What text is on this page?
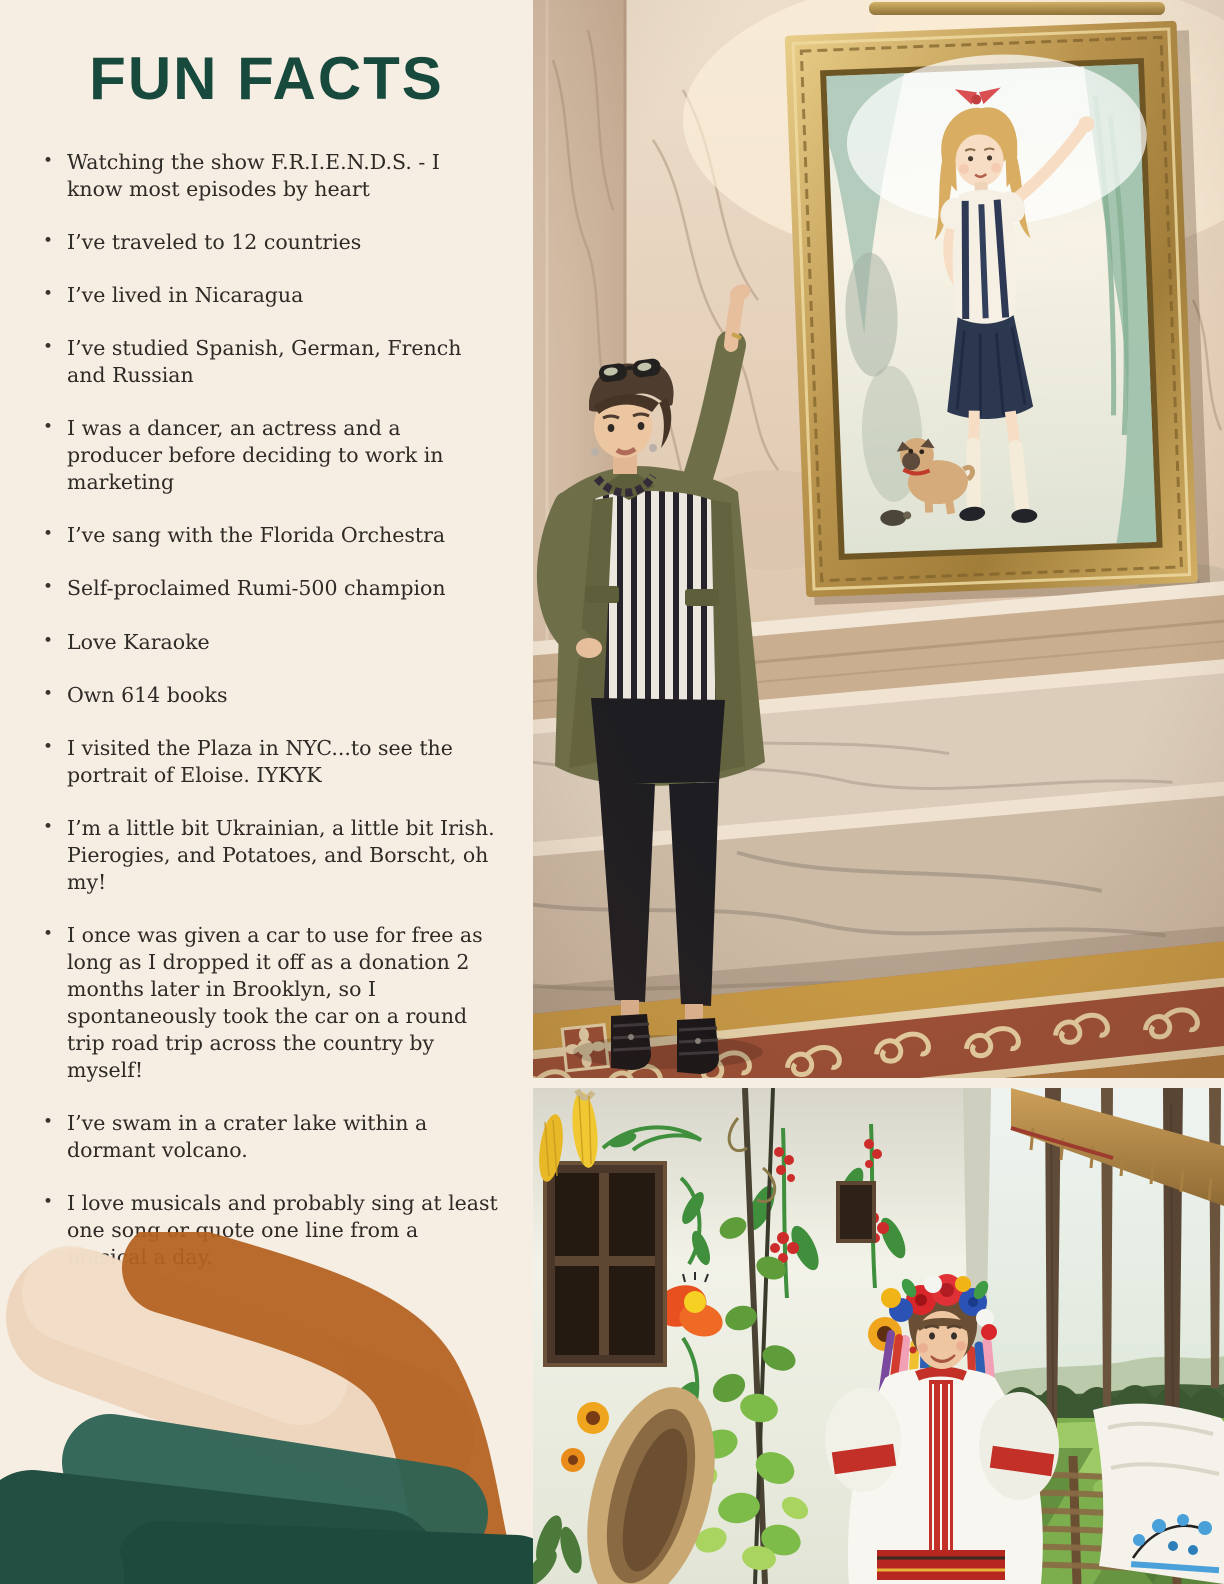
FUN FACTS
• Watching the show F.R.I.E.N.D.S. - I know most episodes by heart
• I’ve traveled to 12 countries
• I’ve lived in Nicaragua
• I’ve studied Spanish, German, French and Russian
• I was a dancer, an actress and a producer before deciding to work in marketing
• I’ve sang with the Florida Orchestra
• Self-proclaimed Rumi-500 champion
• Love Karaoke
• Own 614 books
• I visited the Plaza in NYC...to see the portrait of Eloise. IYKYK
• I’m a little bit Ukrainian, a little bit Irish. Pierogies, and Potatoes, and Borscht, oh my!
• I once was given a car to use for free as long as I dropped it off as a donation 2 months later in Brooklyn, so I spontaneously took the car on a round trip road trip across the country by myself!
• I’ve swam in a crater lake within a dormant volcano.
• I love musicals and probably sing at least one song or quote one line from a musical a day.
